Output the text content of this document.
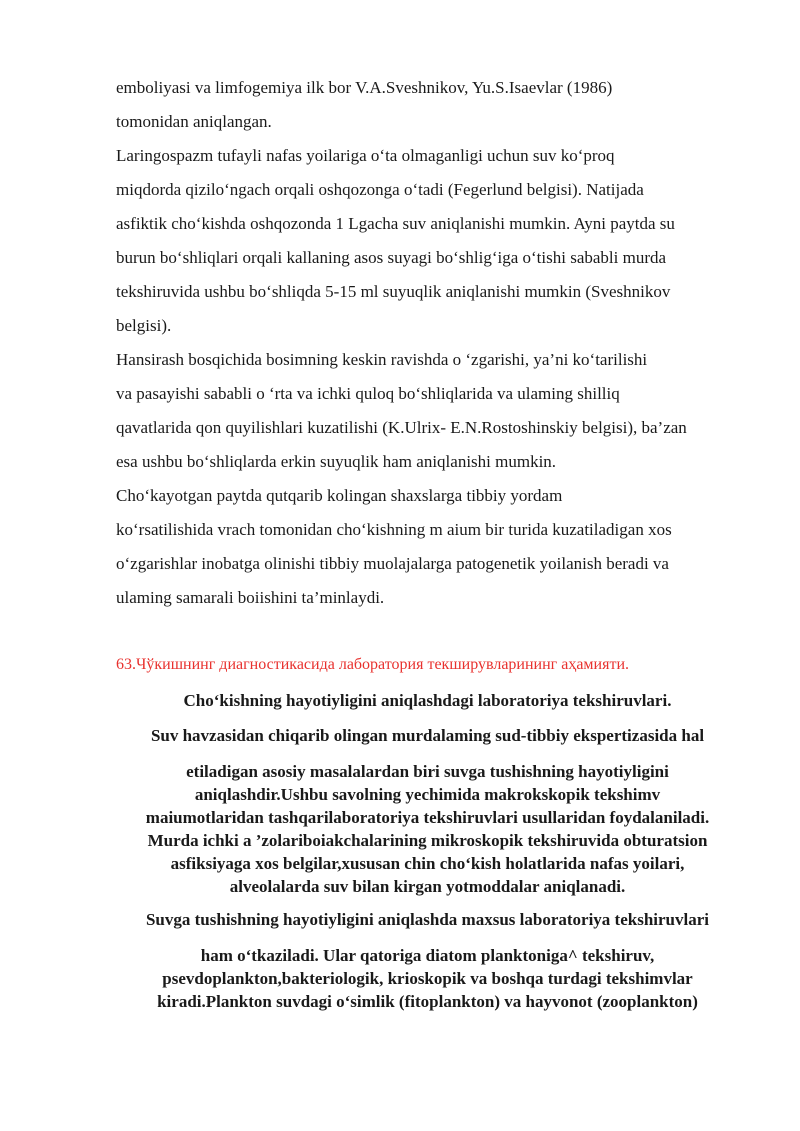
emboliyasi va limfogemiya ilk bor V.A.Sveshnikov, Yu.S.Isaevlar (1986)
tomonidan aniqlangan.
Laringospazm tufayli nafas yoilariga o‘ta olmaganligi uchun suv ko‘proq
miqdorda qizilo‘ngach orqali oshqozonga o‘tadi (Fegerlund belgisi). Natijada
asfiktik cho‘kishda oshqozonda 1 Lgacha suv aniqlanishi mumkin. Ayni paytda su
burun bo‘shliqlari orqali kallaning asos suyagi bo‘shlig‘iga o‘tishi sababli murda
tekshiruvida ushbu bo‘shliqda 5-15 ml suyuqlik aniqlanishi mumkin (Sveshnikov
belgisi).
Hansirash bosqichida bosimning keskin ravishda o ‘zgarishi, ya’ni ko‘tarilishi
va pasayishi sababli o ‘rta va ichki quloq bo‘shliqlarida va ulaming shilliq
qavatlarida qon quyilishlari kuzatilishi (K.Ulrix- E.N.Rostoshinskiy belgisi), ba’zan
esa ushbu bo‘shliqlarda erkin suyuqlik ham aniqlanishi mumkin.
Cho‘kayotgan paytda qutqarib kolingan shaxslarga tibbiy yordam
ko‘rsatilishida vrach tomonidan cho‘kishning m aium bir turida kuzatiladigan xos
o‘zgarishlar inobatga olinishi tibbiy muolajalarga patogenetik yoilanish beradi va
ulaming samarali boiishini ta’minlaydi.
63.Чўкишнинг диагностикасида лаборатория текширувларининг аҳамияти.
Cho‘kishning hayotiyligini aniqlashdagi laboratoriya tekshiruvlari.
Suv havzasidan chiqarib olingan murdalaming sud-tibbiy ekspertizasida hal
etiladigan asosiy masalalardan biri suvga tushishning hayotiyligini
aniqlashdir.Ushbu savolning yechimida makrokskopik tekshimv
maiumotlaridan tashqarilaboratoriya tekshiruvlari usullaridan foydalaniladi.
Murda ichki a ’zolariboiakchalarining mikroskopik tekshiruvida obturatsion
asfiksiyaga xos belgilar,xususan chin cho‘kish holatlarida nafas yoilari,
alveolalarda suv bilan kirgan yotmoddalar aniqlanadi.
Suvga tushishning hayotiyligini aniqlashda maxsus laboratoriya tekshiruvlari
ham o‘tkaziladi. Ular qatoriga diatom planktoniga^ tekshiruv,
psevdoplankton,bakteriologik, krioskopik va boshqa turdagi tekshimvlar
kiradi.Plankton suvdagi o‘simlik (fitoplankton) va hayvonot (zooplankton)
